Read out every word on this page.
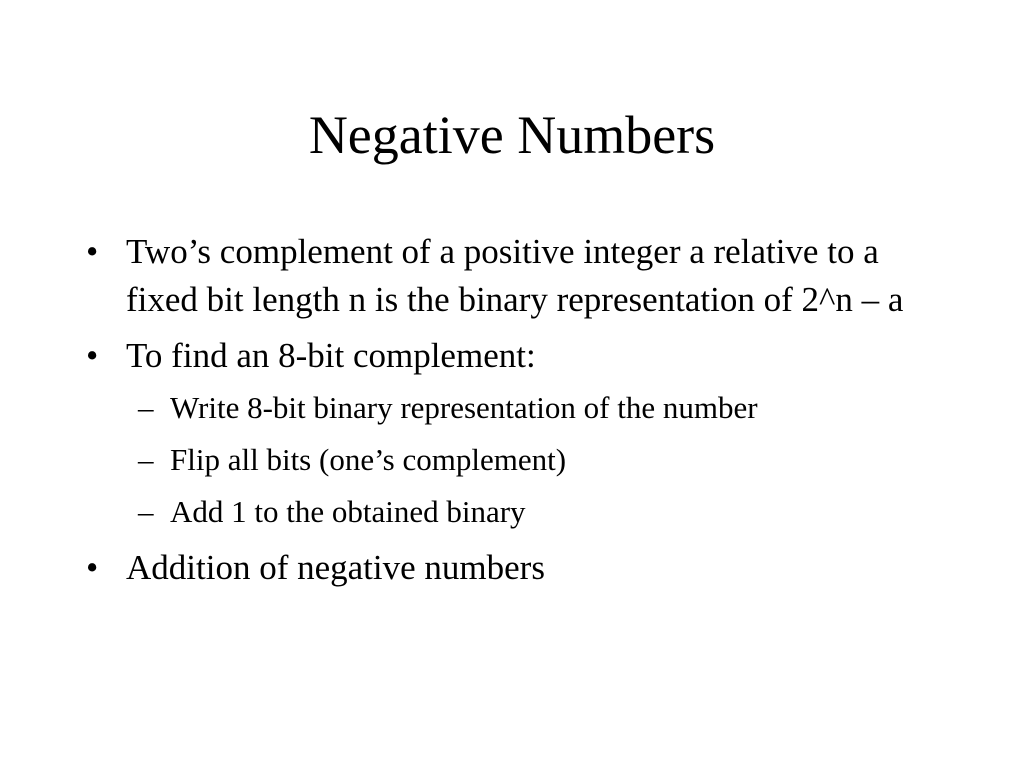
Negative Numbers
• Two’s complement of a positive integer a relative to a fixed bit length n is the binary representation of 2^n – a
• To find an 8-bit complement:
– Write 8-bit binary representation of the number
– Flip all bits (one’s complement)
– Add 1 to the obtained binary
• Addition of negative numbers
